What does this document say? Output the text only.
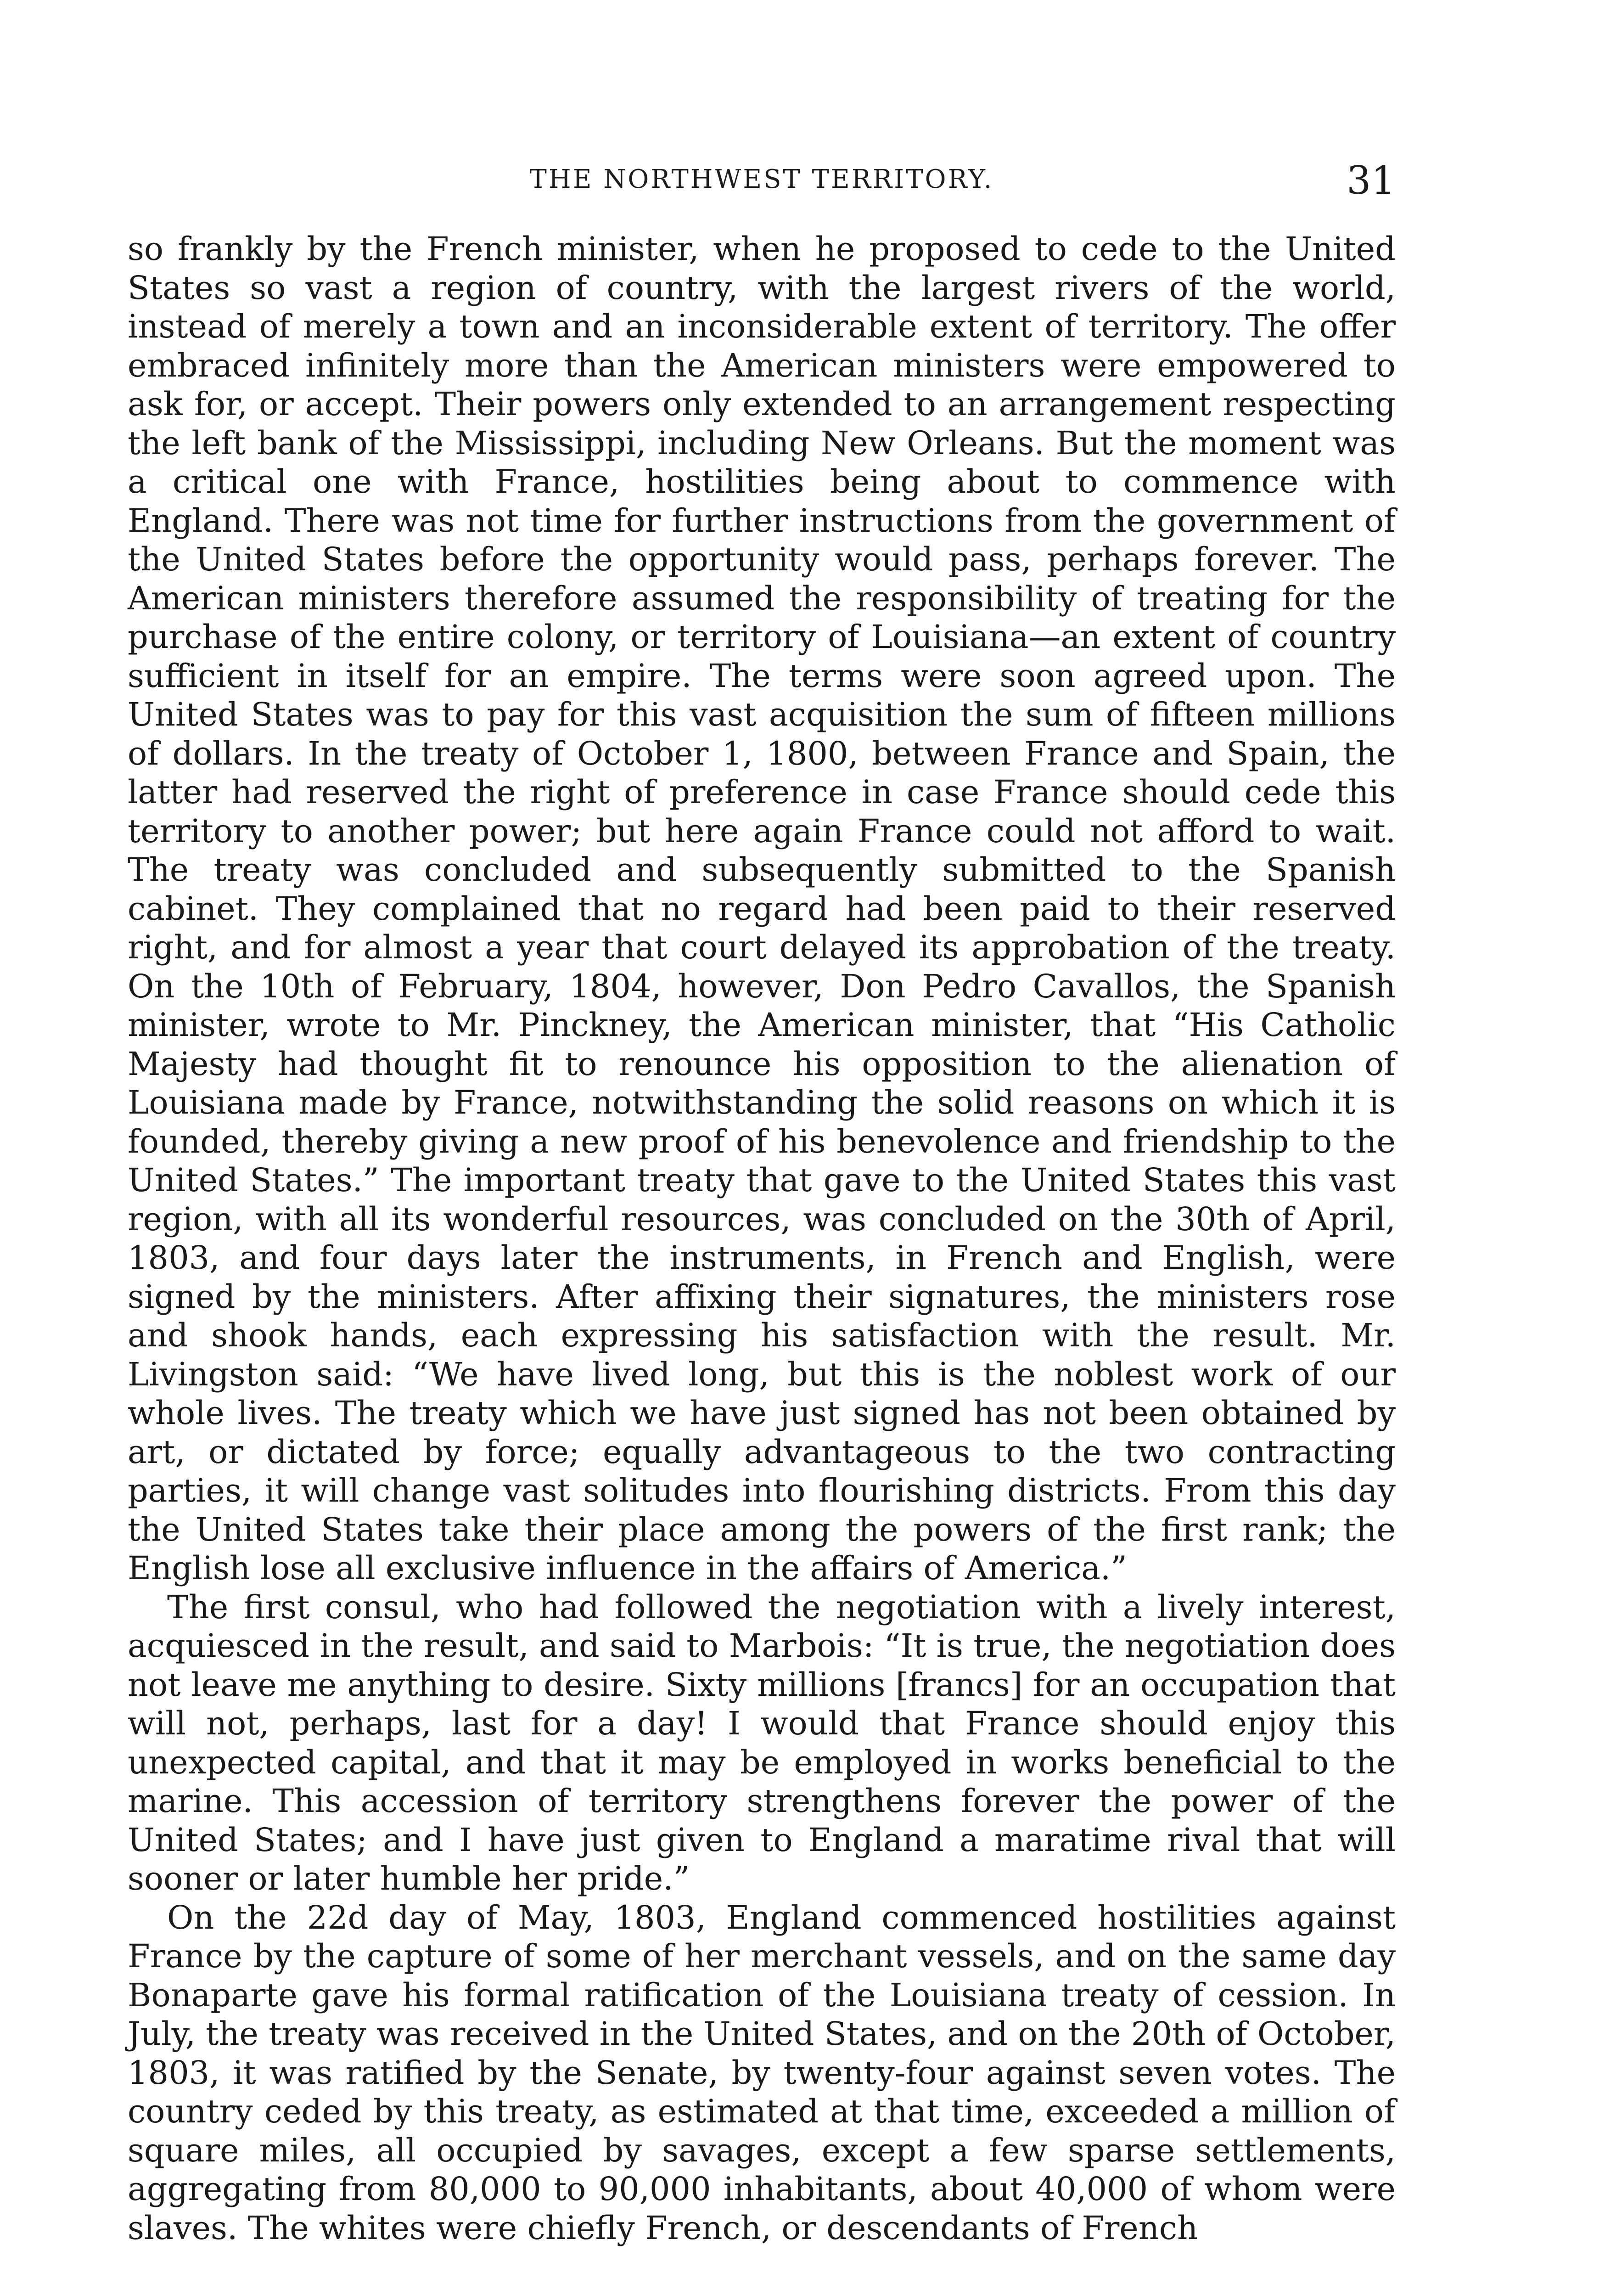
THE NORTHWEST TERRITORY.	31

so frankly by the French minister, when he proposed to cede to the United States so vast a region of country, with the largest rivers of the world, instead of merely a town and an inconsiderable extent of territory. The offer embraced infinitely more than the American ministers were empowered to ask for, or accept. Their powers only extended to an arrangement respecting the left bank of the Mississippi, including New Orleans. But the moment was a critical one with France, hostilities being about to commence with England. There was not time for further instructions from the government of the United States before the opportunity would pass, perhaps forever. The American ministers therefore assumed the responsibility of treating for the purchase of the entire colony, or territory of Louisiana—an extent of country sufficient in itself for an empire. The terms were soon agreed upon. The United States was to pay for this vast acquisition the sum of fifteen millions of dollars. In the treaty of October 1, 1800, between France and Spain, the latter had reserved the right of preference in case France should cede this territory to another power; but here again France could not afford to wait. The treaty was concluded and subsequently submitted to the Spanish cabinet. They complained that no regard had been paid to their reserved right, and for almost a year that court delayed its approbation of the treaty. On the 10th of February, 1804, however, Don Pedro Cavallos, the Spanish minister, wrote to Mr. Pinckney, the American minister, that “His Catholic Majesty had thought fit to renounce his opposition to the alienation of Louisiana made by France, notwithstanding the solid reasons on which it is founded, thereby giving a new proof of his benevolence and friendship to the United States.” The important treaty that gave to the United States this vast region, with all its wonderful resources, was concluded on the 30th of April, 1803, and four days later the instruments, in French and English, were signed by the ministers. After affixing their signatures, the ministers rose and shook hands, each expressing his satisfaction with the result. Mr. Livingston said: “We have lived long, but this is the noblest work of our whole lives. The treaty which we have just signed has not been obtained by art, or dictated by force; equally advantageous to the two contracting parties, it will change vast solitudes into flourishing districts. From this day the United States take their place among the powers of the first rank; the English lose all exclusive influence in the affairs of America.”

The first consul, who had followed the negotiation with a lively interest, acquiesced in the result, and said to Marbois: “It is true, the negotiation does not leave me anything to desire. Sixty millions [francs] for an occupation that will not, perhaps, last for a day! I would that France should enjoy this unexpected capital, and that it may be employed in works beneficial to the marine. This accession of territory strengthens forever the power of the United States; and I have just given to England a maratime rival that will sooner or later humble her pride.”

On the 22d day of May, 1803, England commenced hostilities against France by the capture of some of her merchant vessels, and on the same day Bonaparte gave his formal ratification of the Louisiana treaty of cession. In July, the treaty was received in the United States, and on the 20th of October, 1803, it was ratified by the Senate, by twenty-four against seven votes. The country ceded by this treaty, as estimated at that time, exceeded a million of square miles, all occupied by savages, except a few sparse settlements, aggregating from 80,000 to 90,000 inhabitants, about 40,000 of whom were slaves. The whites were chiefly French, or descendants of French
